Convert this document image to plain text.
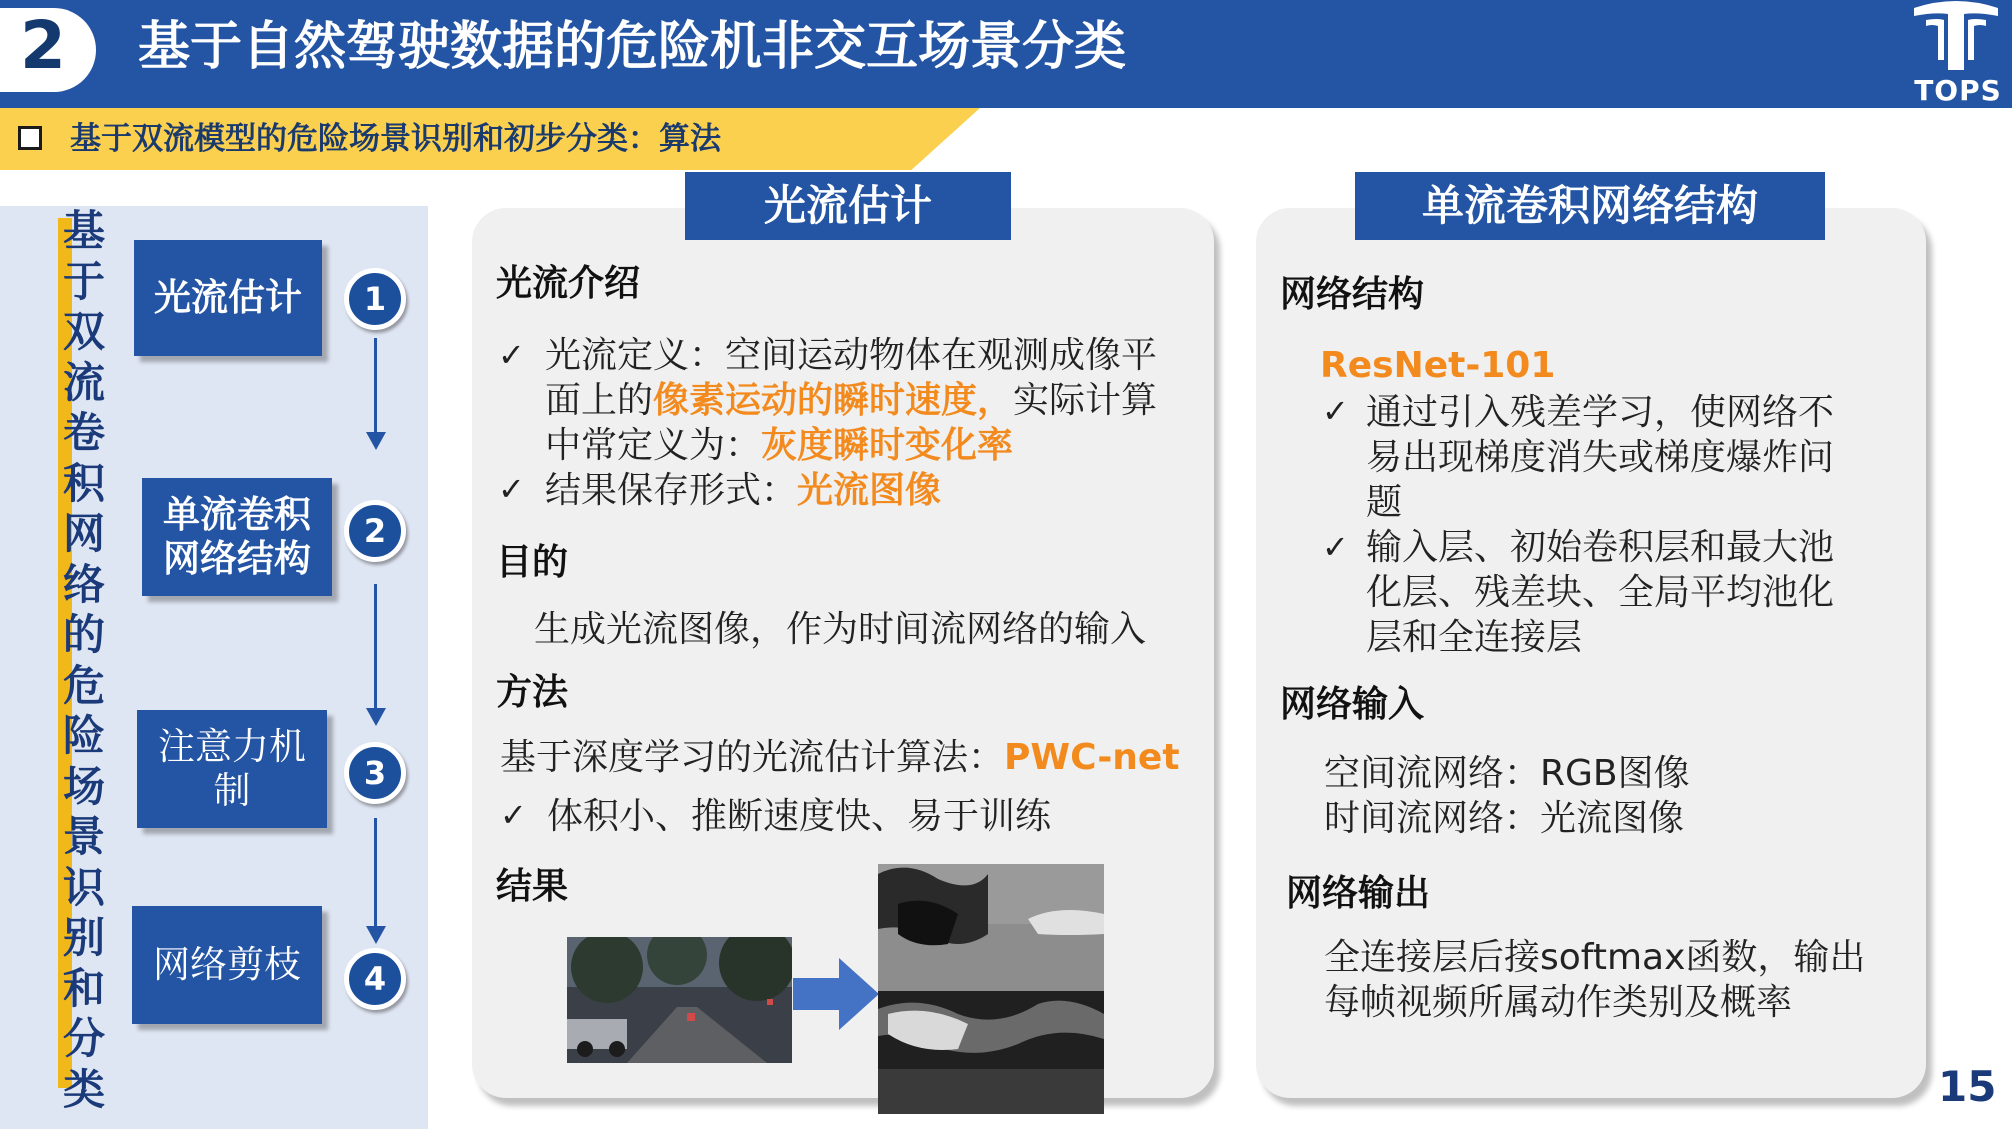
2 基于自然驾驶数据的危险机非交互场景分类
TOPS
基于双流模型的危险场景识别和初步分类：算法
基
于
双
流
卷
积
网
络
的
危
险
场
景
识
别
和
分
类
光流估计	1
单流卷积
网络结构
2
注意力机
制	3
网络剪枝	4
光流估计
光流介绍
✓ 光流定义：空间运动物体在观测成像平
面上的像素运动的瞬时速度，实际计算
中常定义为：灰度瞬时变化率
✓ 结果保存形式：光流图像
目的
生成光流图像，作为时间流网络的输入
方法
基于深度学习的光流估计算法：PWC-net
✓ 体积小、推断速度快、易于训练
结果
单流卷积网络结构
网络结构
ResNet-101
✓ 通过引入残差学习，使网络不
易出现梯度消失或梯度爆炸问
题
✓ 输入层、初始卷积层和最大池
化层、残差块、全局平均池化
层和全连接层
网络输入
空间流网络：RGB图像
时间流网络：光流图像
网络输出
全连接层后接softmax函数，输出
每帧视频所属动作类别及概率
15
